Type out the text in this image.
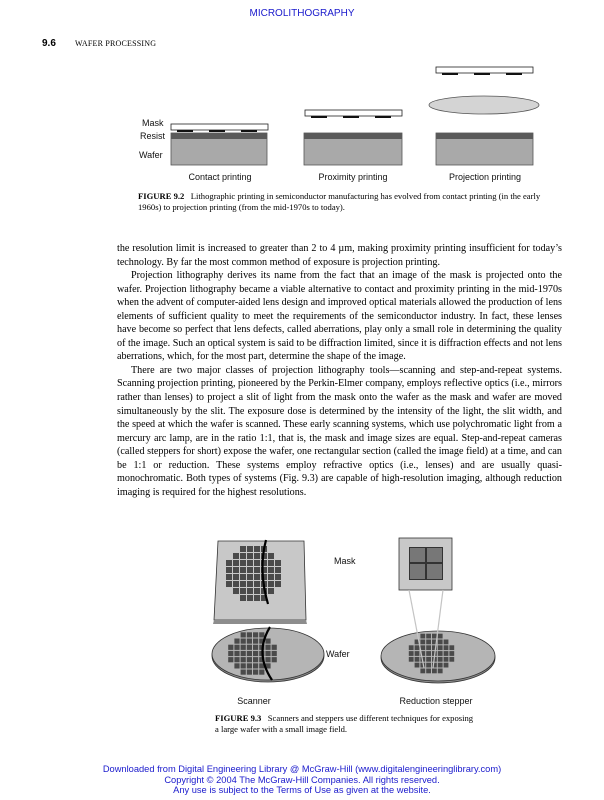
MICROLITHOGRAPHY
9.6 WAFER PROCESSING
Mask
Resist
Wafer
Contact printing	Proximity printing	Projection printing
FIGURE 9.2 Lithographic printing in semiconductor manufacturing has evolved from contact printing (in the early 1960s) to projection printing (from the mid-1970s to today).

the resolution limit is increased to greater than 2 to 4 µm, making proximity printing insufficient for today’s technology. By far the most common method of exposure is projection printing.

Projection lithography derives its name from the fact that an image of the mask is projected onto the wafer. Projection lithography became a viable alternative to contact and proximity printing in the mid-1970s when the advent of computer-aided lens design and improved optical materials allowed the production of lens elements of sufficient quality to meet the requirements of the semiconductor industry. In fact, these lenses have become so perfect that lens defects, called aberrations, play only a small role in determining the quality of the image. Such an optical system is said to be diffraction limited, since it is diffraction effects and not lens aberrations, which, for the most part, determine the shape of the image.

There are two major classes of projection lithography tools—scanning and step-and-repeat systems. Scanning projection printing, pioneered by the Perkin-Elmer company, employs reflective optics (i.e., mirrors rather than lenses) to project a slit of light from the mask onto the wafer as the mask and wafer are moved simultaneously by the slit. The exposure dose is determined by the intensity of the light, the slit width, and the speed at which the wafer is scanned. These early scanning systems, which use polychromatic light from a mercury arc lamp, are in the ratio 1:1, that is, the mask and image sizes are equal. Step-and-repeat cameras (called steppers for short) expose the wafer, one rectangular section (called the image field) at a time, and can be 1:1 or reduction. These systems employ refractive optics (i.e., lenses) and are usually quasi-monochromatic. Both types of systems (Fig. 9.3) are capable of high-resolution imaging, although reduction imaging is required for the highest resolutions.

Mask
Wafer
Scanner	Reduction stepper
FIGURE 9.3 Scanners and steppers use different techniques for exposing a large wafer with a small image field.
Downloaded from Digital Engineering Library @ McGraw-Hill (www.digitalengineeringlibrary.com)
Copyright © 2004 The McGraw-Hill Companies. All rights reserved.
Any use is subject to the Terms of Use as given at the website.
